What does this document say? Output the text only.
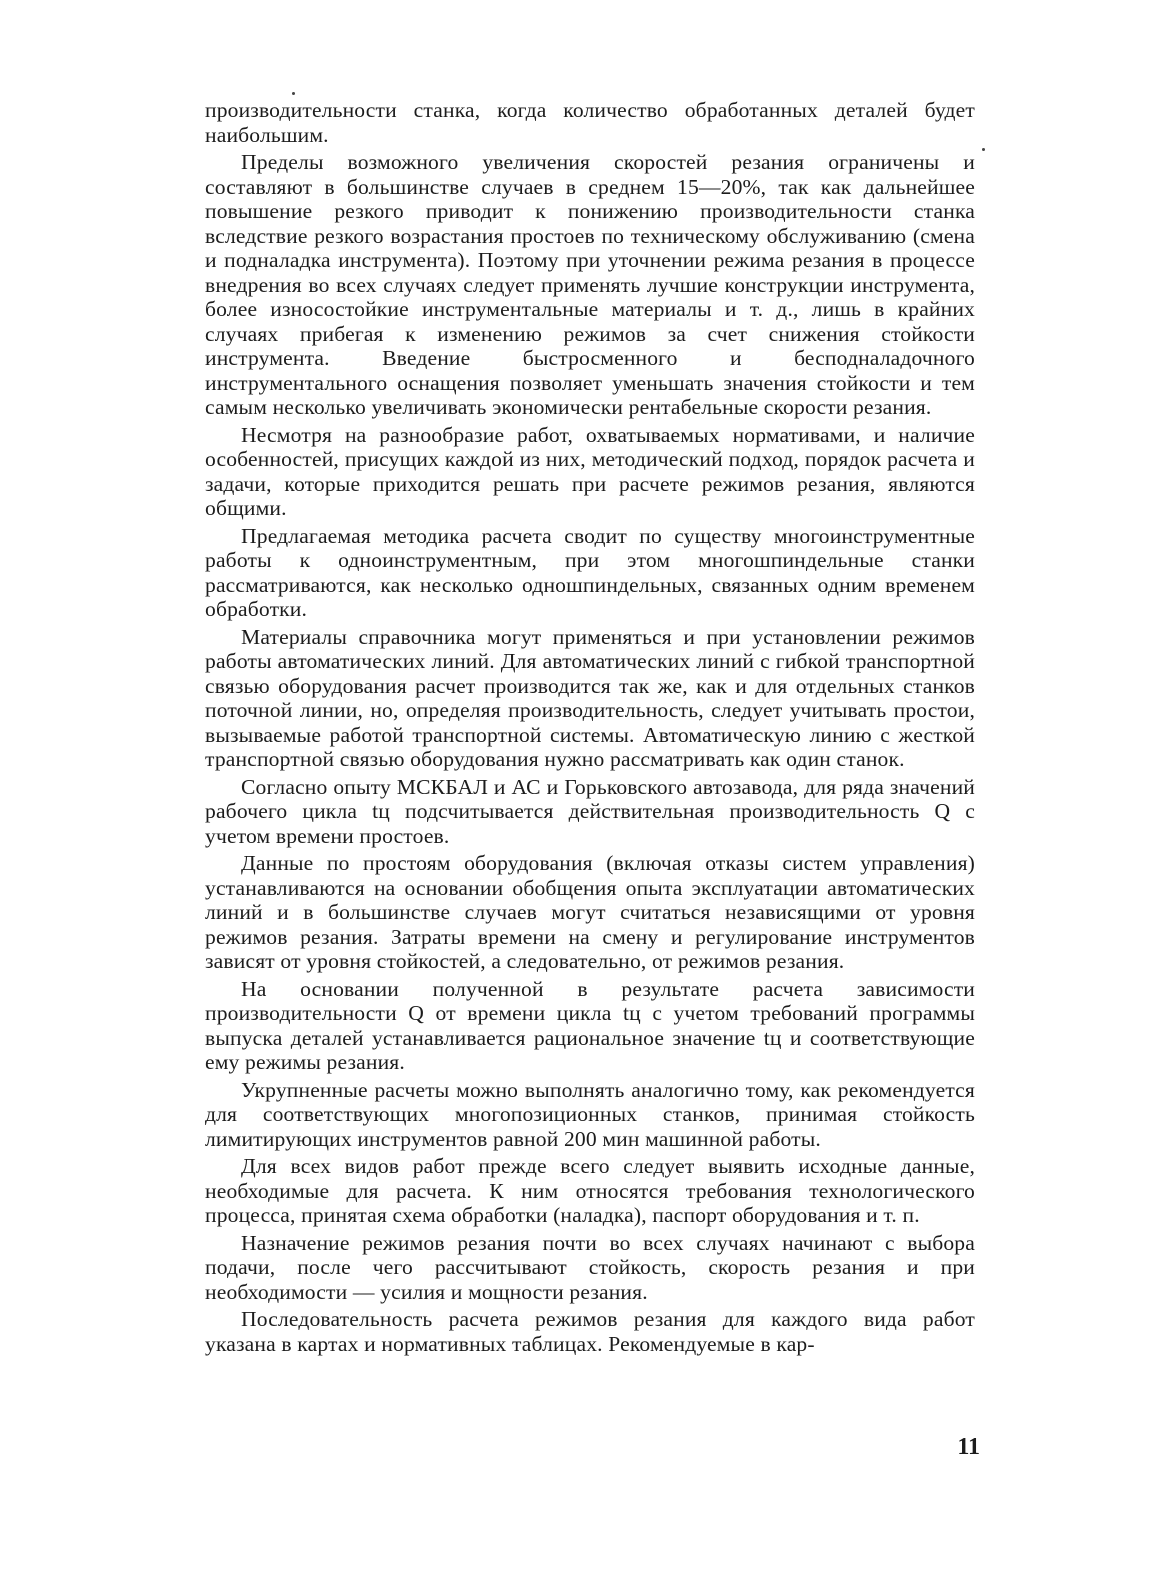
производительности станка, когда количество обработанных деталей будет наибольшим.

Пределы возможного увеличения скоростей резания ограничены и составляют в большинстве случаев в среднем 15—20%, так как дальнейшее повышение резкого приводит к понижению производительности станка вследствие резкого возрастания простоев по техническому обслуживанию (смена и подналадка инструмента). Поэтому при уточнении режима резания в процессе внедрения во всех случаях следует применять лучшие конструкции инструмента, более износостойкие инструментальные материалы и т. д., лишь в крайних случаях прибегая к изменению режимов за счет снижения стойкости инструмента. Введение быстросменного и бесподналадочного инструментального оснащения позволяет уменьшать значения стойкости и тем самым несколько увеличивать экономически рентабельные скорости резания.

Несмотря на разнообразие работ, охватываемых нормативами, и наличие особенностей, присущих каждой из них, методический подход, порядок расчета и задачи, которые приходится решать при расчете режимов резания, являются общими.

Предлагаемая методика расчета сводит по существу многоинструментные работы к одноинструментным, при этом многошпиндельные станки рассматриваются, как несколько одношпиндельных, связанных одним временем обработки.

Материалы справочника могут применяться и при установлении режимов работы автоматических линий. Для автоматических линий с гибкой транспортной связью оборудования расчет производится так же, как и для отдельных станков поточной линии, но, определяя производительность, следует учитывать простои, вызываемые работой транспортной системы. Автоматическую линию с жесткой транспортной связью оборудования нужно рассматривать как один станок.

Согласно опыту МСКБАЛ и АС и Горьковского автозавода, для ряда значений рабочего цикла tц подсчитывается действительная производительность Q с учетом времени простоев.

Данные по простоям оборудования (включая отказы систем управления) устанавливаются на основании обобщения опыта эксплуатации автоматических линий и в большинстве случаев могут считаться независящими от уровня режимов резания. Затраты времени на смену и регулирование инструментов зависят от уровня стойкостей, а следовательно, от режимов резания.

На основании полученной в результате расчета зависимости производительности Q от времени цикла tц с учетом требований программы выпуска деталей устанавливается рациональное значение tц и соответствующие ему режимы резания.

Укрупненные расчеты можно выполнять аналогично тому, как рекомендуется для соответствующих многопозиционных станков, принимая стойкость лимитирующих инструментов равной 200 мин машинной работы.

Для всех видов работ прежде всего следует выявить исходные данные, необходимые для расчета. К ним относятся требования технологического процесса, принятая схема обработки (наладка), паспорт оборудования и т. п.

Назначение режимов резания почти во всех случаях начинают с выбора подачи, после чего рассчитывают стойкость, скорость резания и при необходимости — усилия и мощности резания.

Последовательность расчета режимов резания для каждого вида работ указана в картах и нормативных таблицах. Рекомендуемые в кар-

11
